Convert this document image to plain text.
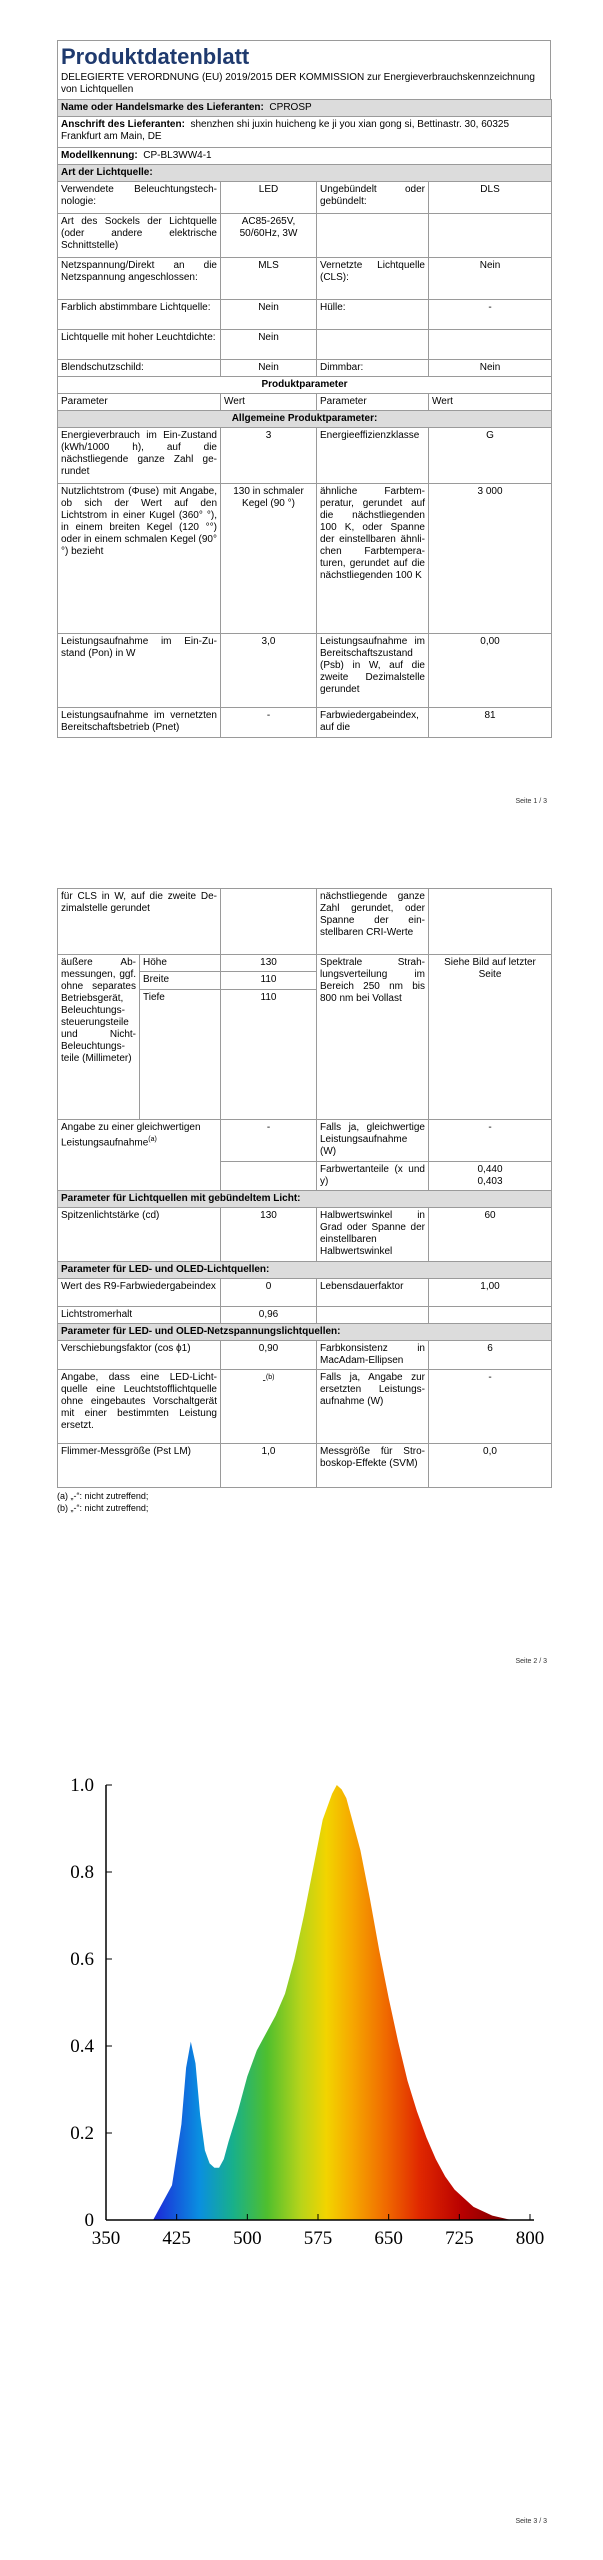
Produktdatenblatt
DELEGIERTE VERORDNUNG (EU) 2019/2015 DER KOMMISSION zur Energieverbrauchskennzeichnung von Lichtquellen
Name oder Handelsmarke des Lieferanten: CPROSP			
Anschrift des Lieferanten: shenzhen shi juxin huicheng ke ji you xian gong si, Bettinastr. 30, 60325 Frankfurt am Main, DE			
Modellkennung: CP-BL3WW4-1			
Art der Lichtquelle:			
Verwendete Beleuchtungstechnologie:	LED	Ungebündelt oder gebündelt:	DLS
Art des Sockels der Lichtquelle (oder andere elektrische Schnittstelle)	AC85-265V, 50/60Hz, 3W		
Netzspannung/Direkt an die Netzspannung angeschlossen:	MLS	Vernetzte Lichtquelle (CLS):	Nein
Farblich abstimmbare Lichtquelle:	Nein	Hülle:	-
Lichtquelle mit hoher Leuchtdichte:	Nein		
Blendschutzschild:	Nein	Dimmbar:	Nein
Produktparameter			
Parameter	Wert	Parameter	Wert
Allgemeine Produktparameter:			
Energieverbrauch im Ein-Zustand (kWh/1000 h), auf die nächstliegende ganze Zahl gerundet	3	Energieeffizienzklasse	G
Nutzlichtstrom (Φuse) mit Angabe, ob sich der Wert auf den Lichtstrom in einer Kugel (360° °), in einem breiten Kegel (120 °°) oder in einem schmalen Kegel (90° °) bezieht	130 in schmaler Kegel (90 °)	ähnliche Farbtemperatur, gerundet auf die nächstliegenden 100 K, oder Spanne der einstellbaren ähnlichen Farbtemperaturen, gerundet auf die nächstliegenden 100 K	3 000
Leistungsaufnahme im Ein-Zustand (Pon) in W	3,0	Leistungsaufnahme im Bereitschaftszustand (Psb) in W, auf die zweite Dezimalstelle gerundet	0,00
Leistungsaufnahme im vernetzten Bereitschaftsbetrieb (Pnet)	-	Farbwiedergabeindex, auf die	81
Seite 1 / 3
für CLS in W, auf die zweite Dezimalstelle gerundet			nächstliegende ganze Zahl gerundet, oder Spanne der einstellbaren CRI-Werte	
äußere Abmessungen, ggf. ohne separates Betriebsgerät, Beleuchtungssteuerungsteile und Nicht-Beleuchtungsteile (Millimeter)	Höhe	130	Spektrale Strahlungsverteilung im Bereich 250 nm bis 800 nm bei Vollast	Siehe Bild auf letzter Seite
	Breite	110		
	Tiefe	110		
Angabe zu einer gleichwertigen Leistungsaufnahme$^{(a)}$		-	Falls ja, gleichwertige Leistungsaufnahme (W)	-
			Farbwertanteile (x und y)	0,440
0,403

Parameter für Lichtquellen mit gebündeltem Licht:				
Spitzenlichtstärke (cd)		130	Halbwertswinkel in Grad oder Spanne der einstellbaren Halbwertswinkel	60
Parameter für LED- und OLED-Lichtquellen:				
Wert des R9-Farbwiedergabeindex		0	Lebensdauerfaktor	1,00
Lichtstromerhalt		0,96		
Parameter für LED- und OLED-Netzspannungslichtquellen:				
Verschiebungsfaktor (cos ϕ1)		0,90	Farbkonsistenz in MacAdam-Ellipsen	6
Angabe, dass eine LED-Lichtquelle eine Leuchtstofflichtquelle ohne eingebautes Vorschaltgerät mit einer bestimmten Leistung ersetzt.		-$^{(b)}$	Falls ja, Angabe zur ersetzten Leistungsaufnahme (W)	-
Flimmer-Messgröße (Pst LM)		1,0	Messgröße für Stroboskop-Effekte (SVM)	0,0
(a) „-“: nicht zutreffend;
(b) „-“: nicht zutreffend;
Seite 2 / 3
350 425 500 575 650 725 800
0
0.2
0.4
0.6
0.8
1.0
Seite 3 / 3
